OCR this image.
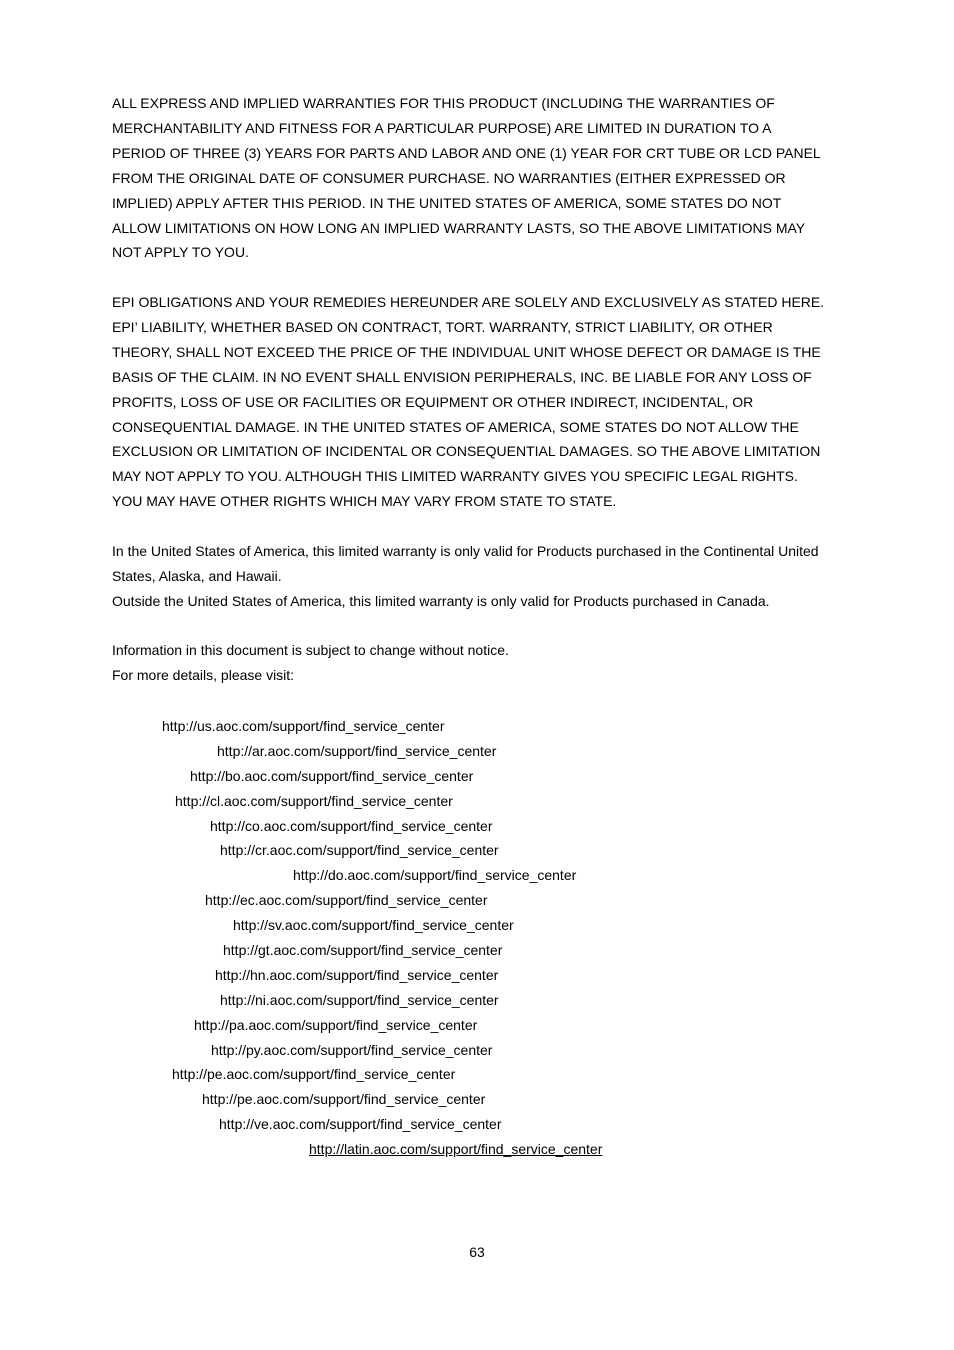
ALL EXPRESS AND IMPLIED WARRANTIES FOR THIS PRODUCT (INCLUDING THE WARRANTIES OF
MERCHANTABILITY AND FITNESS FOR A PARTICULAR PURPOSE) ARE LIMITED IN DURATION TO A
PERIOD OF THREE (3) YEARS FOR PARTS AND LABOR AND ONE (1) YEAR FOR CRT TUBE OR LCD PANEL
FROM THE ORIGINAL DATE OF CONSUMER PURCHASE. NO WARRANTIES (EITHER EXPRESSED OR
IMPLIED) APPLY AFTER THIS PERIOD. IN THE UNITED STATES OF AMERICA, SOME STATES DO NOT
ALLOW LIMITATIONS ON HOW LONG AN IMPLIED WARRANTY LASTS, SO THE ABOVE LIMITATIONS MAY
NOT APPLY TO YOU.
EPI OBLIGATIONS AND YOUR REMEDIES HEREUNDER ARE SOLELY AND EXCLUSIVELY AS STATED HERE.
EPI’ LIABILITY, WHETHER BASED ON CONTRACT, TORT. WARRANTY, STRICT LIABILITY, OR OTHER
THEORY, SHALL NOT EXCEED THE PRICE OF THE INDIVIDUAL UNIT WHOSE DEFECT OR DAMAGE IS THE
BASIS OF THE CLAIM. IN NO EVENT SHALL ENVISION PERIPHERALS, INC. BE LIABLE FOR ANY LOSS OF
PROFITS, LOSS OF USE OR FACILITIES OR EQUIPMENT OR OTHER INDIRECT, INCIDENTAL, OR
CONSEQUENTIAL DAMAGE. IN THE UNITED STATES OF AMERICA, SOME STATES DO NOT ALLOW THE
EXCLUSION OR LIMITATION OF INCIDENTAL OR CONSEQUENTIAL DAMAGES. SO THE ABOVE LIMITATION
MAY NOT APPLY TO YOU. ALTHOUGH THIS LIMITED WARRANTY GIVES YOU SPECIFIC LEGAL RIGHTS.
YOU MAY HAVE OTHER RIGHTS WHICH MAY VARY FROM STATE TO STATE.
In the United States of America, this limited warranty is only valid for Products purchased in the Continental United
States, Alaska, and Hawaii.
Outside the United States of America, this limited warranty is only valid for Products purchased in Canada.
Information in this document is subject to change without notice.
For more details, please visit:
http://us.aoc.com/support/find_service_center
http://ar.aoc.com/support/find_service_center
http://bo.aoc.com/support/find_service_center
http://cl.aoc.com/support/find_service_center
http://co.aoc.com/support/find_service_center
http://cr.aoc.com/support/find_service_center
http://do.aoc.com/support/find_service_center
http://ec.aoc.com/support/find_service_center
http://sv.aoc.com/support/find_service_center
http://gt.aoc.com/support/find_service_center
http://hn.aoc.com/support/find_service_center
http://ni.aoc.com/support/find_service_center
http://pa.aoc.com/support/find_service_center
http://py.aoc.com/support/find_service_center
http://pe.aoc.com/support/find_service_center
http://pe.aoc.com/support/find_service_center
http://ve.aoc.com/support/find_service_center
http://latin.aoc.com/support/find_service_center
63
